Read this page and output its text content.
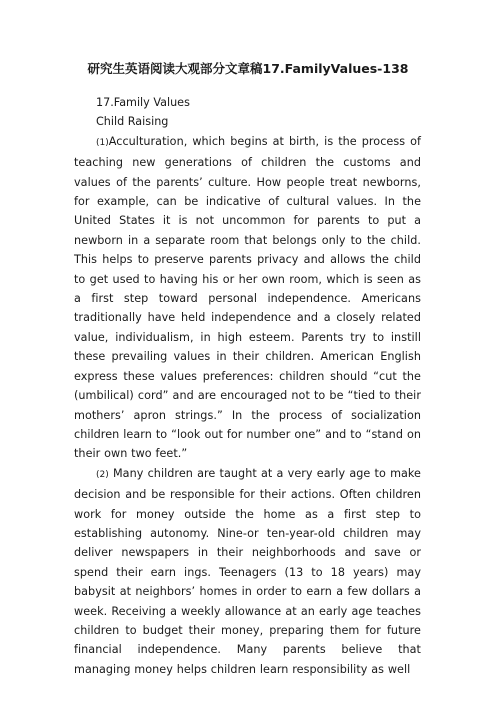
研究生英语阅读大观部分文章稿17.FamilyValues-138

17.Family Values

Child Raising

(1)Acculturation, which begins at birth, is the process of teaching new generations of children the customs and values of the parents’ culture. How people treat newborns, for example, can be indicative of cultural values. In the United States it is not uncommon for parents to put a newborn in a separate room that belongs only to the child. This helps to preserve parents privacy and allows the child to get used to having his or her own room, which is seen as a first step toward personal independence. Americans traditionally have held independence and a closely related value, individualism, in high esteem. Parents try to instill these prevailing values in their children. American English express these values preferences: children should “cut the (umbilical) cord” and are encouraged not to be “tied to their mothers’ apron strings.” In the process of socialization children learn to “look out for number one” and to “stand on their own two feet.”

(2) Many children are taught at a very early age to make decision and be responsible for their actions. Often children work for money outside the home as a first step to establishing autonomy. Nine-or ten-year-old children may deliver newspapers in their neighborhoods and save or spend their earn ings. Teenagers (13 to 18 years) may babysit at neighbors’ homes in order to earn a few dollars a week. Receiving a weekly allowance at an early age teaches children to budget their money, preparing them for future financial independence. Many parents believe that managing money helps children learn responsibility as well
